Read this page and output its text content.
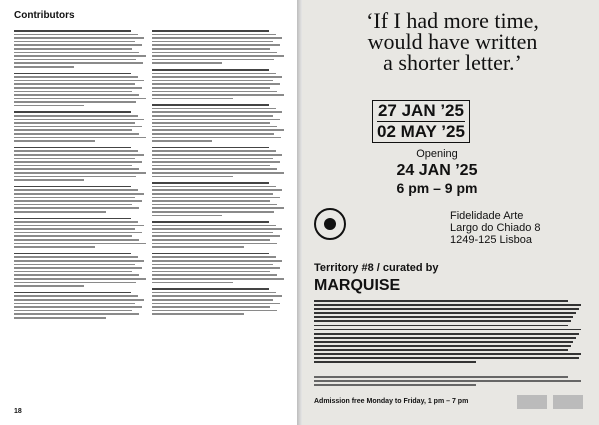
Contributors
18
‘If I had more time,
would have written
a shorter letter.’
27 JAN ’25
02 MAY ’25
Opening
24 JAN ’25
6 pm – 9 pm
Fidelidade Arte
Largo do Chiado 8
1249-125 Lisboa
Territory #8 / curated by
MARQUISE
Admission free Monday to Friday, 1 pm – 7 pm
